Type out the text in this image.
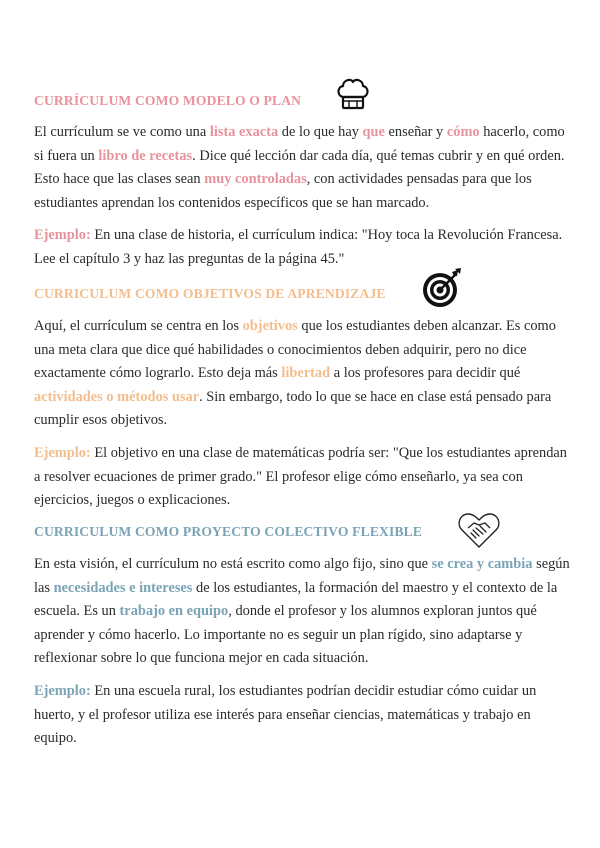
CURRÍCULUM COMO MODELO O PLAN

El currículum se ve como una lista exacta de lo que hay que enseñar y cómo hacerlo, como si fuera un libro de recetas. Dice qué lección dar cada día, qué temas cubrir y en qué orden. Esto hace que las clases sean muy controladas, con actividades pensadas para que los estudiantes aprendan los contenidos específicos que se han marcado.

Ejemplo: En una clase de historia, el currículum indica: "Hoy toca la Revolución Francesa. Lee el capítulo 3 y haz las preguntas de la página 45."

CURRICULUM COMO OBJETIVOS DE APRENDIZAJE

Aquí, el currículum se centra en los objetivos que los estudiantes deben alcanzar. Es como una meta clara que dice qué habilidades o conocimientos deben adquirir, pero no dice exactamente cómo lograrlo. Esto deja más libertad a los profesores para decidir qué actividades o métodos usar. Sin embargo, todo lo que se hace en clase está pensado para cumplir esos objetivos.

Ejemplo: El objetivo en una clase de matemáticas podría ser: "Que los estudiantes aprendan a resolver ecuaciones de primer grado." El profesor elige cómo enseñarlo, ya sea con ejercicios, juegos o explicaciones.

CURRICULUM COMO PROYECTO COLECTIVO FLEXIBLE

En esta visión, el currículum no está escrito como algo fijo, sino que se crea y cambia según las necesidades e intereses de los estudiantes, la formación del maestro y el contexto de la escuela. Es un trabajo en equipo, donde el profesor y los alumnos exploran juntos qué aprender y cómo hacerlo. Lo importante no es seguir un plan rígido, sino adaptarse y reflexionar sobre lo que funciona mejor en cada situación.

Ejemplo: En una escuela rural, los estudiantes podrían decidir estudiar cómo cuidar un huerto, y el profesor utiliza ese interés para enseñar ciencias, matemáticas y trabajo en equipo.
